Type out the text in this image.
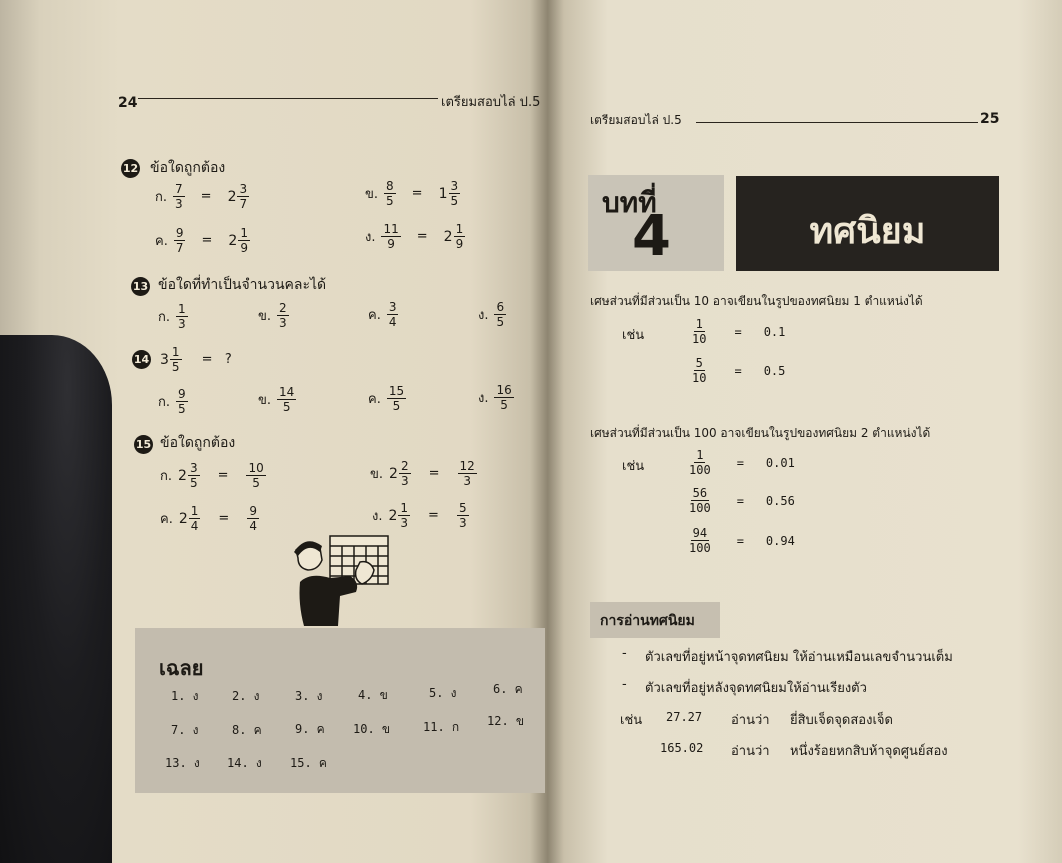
24	เตรียมสอบไล่ ป.5
12 ข้อใดถูกต้อง
ก. $\frac{7}{3} = 2 \frac{3}{7}$	ข. $\frac{8}{5} = 1 \frac{3}{5}$
ค. $\frac{9}{7} = 2 \frac{1}{9}$	ง. $\frac{11}{9} = 2 \frac{1}{9}$
13 ข้อใดที่ทำเป็นจำนวนคละได้
ก. $\frac{1}{3}$	ข. $\frac{2}{3}$	ค. $\frac{3}{4}$	ง. $\frac{6}{5}$
14 $3 \frac{1}{5}$ =   ?
ก. $\frac{9}{5}$	ข. $\frac{14}{5}$	ค. $\frac{15}{5}$	ง. $\frac{16}{5}$
15 ข้อใดถูกต้อง
ก. $2 \frac{3}{5} = \frac{10}{5}$	ข. $2 \frac{2}{3} = \frac{12}{3}$
ค. $2 \frac{1}{4} = \frac{9}{4}$	ง. $2 \frac{1}{3} = \frac{5}{3}$
เฉลย
1. ง	2. ง	3. ง	4. ข	5. ง	6. ค
7. ง	8. ค	9. ค 10. ข	11. ก 12. ข
13. ง 14. ง 15. ค
เตรียมสอบไล่ ป.5	25
บทที่
4	ทศนิยม
เศษส่วนที่มีส่วนเป็น 10 อาจเขียนในรูปของทศนิยม 1 ตำแหน่งได้
เช่น	$\frac{1}{10} = 0.1$
$\frac{5}{10} = 0.5$
เศษส่วนที่มีส่วนเป็น 100 อาจเขียนในรูปของทศนิยม 2 ตำแหน่งได้
เช่น	$\frac{1}{100} = 0.01$
$\frac{56}{100} = 0.56$
$\frac{94}{100} = 0.94$
การอ่านทศนิยม
- ตัวเลขที่อยู่หน้าจุดทศนิยม ให้อ่านเหมือนเลขจำนวนเต็ม
- ตัวเลขที่อยู่หลังจุดทศนิยมให้อ่านเรียงตัว
เช่น 27.27 อ่านว่า ยี่สิบเจ็ดจุดสองเจ็ด
165.02 อ่านว่า หนึ่งร้อยหกสิบห้าจุดศูนย์สอง
